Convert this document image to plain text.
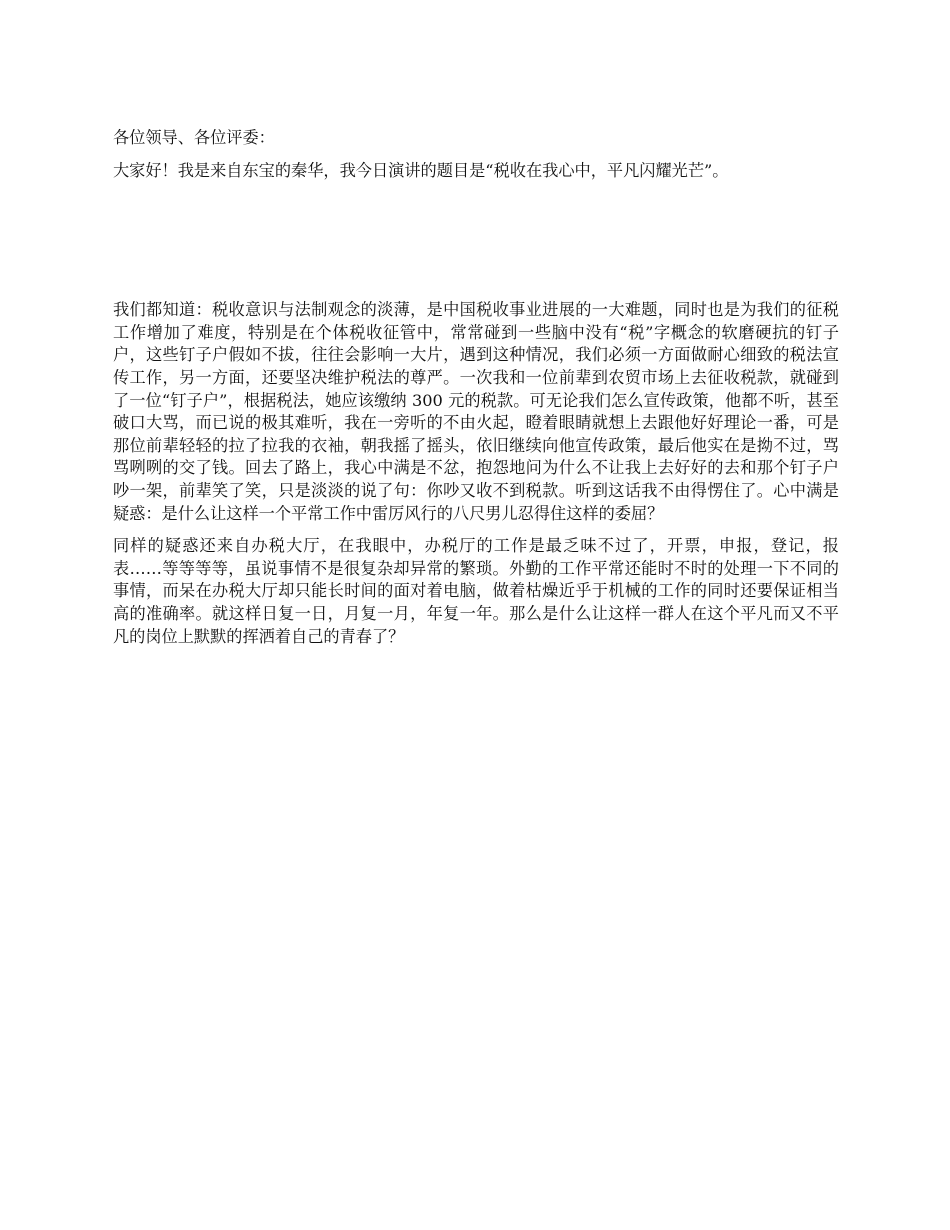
各位领导、各位评委：

大家好！我是来自东宝的秦华，我今日演讲的题目是“税收在我心中，平凡闪耀光芒”。

我们都知道：税收意识与法制观念的淡薄，是中国税收事业进展的一大难题，同时也是为我们的征税工作增加了难度，特别是在个体税收征管中，常常碰到一些脑中没有“税”字概念的软磨硬抗的钉子户，这些钉子户假如不拔，往往会影响一大片，遇到这种情况，我们必须一方面做耐心细致的税法宣传工作，另一方面，还要坚决维护税法的尊严。一次我和一位前辈到农贸市场上去征收税款，就碰到了一位“钉子户”，根据税法，她应该缴纳 300 元的税款。可无论我们怎么宣传政策，他都不听，甚至破口大骂，而已说的极其难听，我在一旁听的不由火起，瞪着眼睛就想上去跟他好好理论一番，可是那位前辈轻轻的拉了拉我的衣袖，朝我摇了摇头，依旧继续向他宣传政策，最后他实在是拗不过，骂骂咧咧的交了钱。回去了路上，我心中满是不忿，抱怨地问为什么不让我上去好好的去和那个钉子户吵一架，前辈笑了笑，只是淡淡的说了句：你吵又收不到税款。听到这话我不由得愣住了。心中满是疑惑：是什么让这样一个平常工作中雷厉风行的八尺男儿忍得住这样的委屈？

同样的疑惑还来自办税大厅，在我眼中，办税厅的工作是最乏味不过了，开票，申报，登记，报表……等等等等，虽说事情不是很复杂却异常的繁琐。外勤的工作平常还能时不时的处理一下不同的事情，而呆在办税大厅却只能长时间的面对着电脑，做着枯燥近乎于机械的工作的同时还要保证相当高的准确率。就这样日复一日，月复一月，年复一年。那么是什么让这样一群人在这个平凡而又不平凡的岗位上默默的挥洒着自己的青春了？
